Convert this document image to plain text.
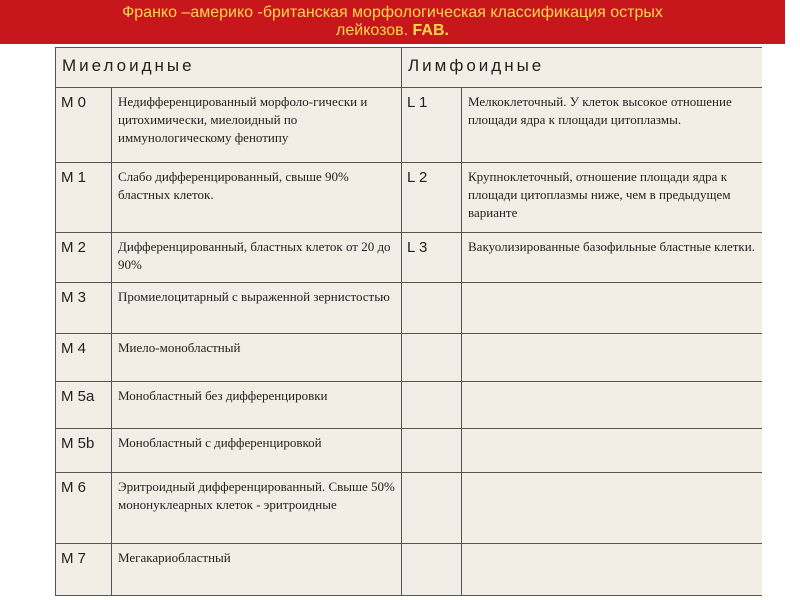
Франко –америко -британская морфологическая классификация острых
лейкозов. FAB.
Миелоидные		Лимфоидные	
M 0	Недифференцированный морфоло-гически и цитохимически, миелоидный по иммунологическому фенотипу	L 1	Мелкоклеточный. У клеток высокое отношение площади ядра к площади цитоплазмы.
M 1	Слабо дифференцированный, свыше 90% бластных клеток.	L 2	Крупноклеточный, отношение площади ядра к площади цитоплазмы ниже, чем в предыдущем варианте
M 2	Дифференцированный, бластных клеток от 20 до 90%	L 3	Вакуолизированные базофильные бластные клетки.
M 3	Промиелоцитарный с выраженной зернистостью		
M 4	Миело-монобластный		
M 5a	Монобластный без дифференцировки		
M 5b	Монобластный с дифференцировкой		
M 6	Эритроидный дифференцированный. Свыше 50% мононуклеарных клеток - эритроидные		
M 7	Мегакариобластный		
